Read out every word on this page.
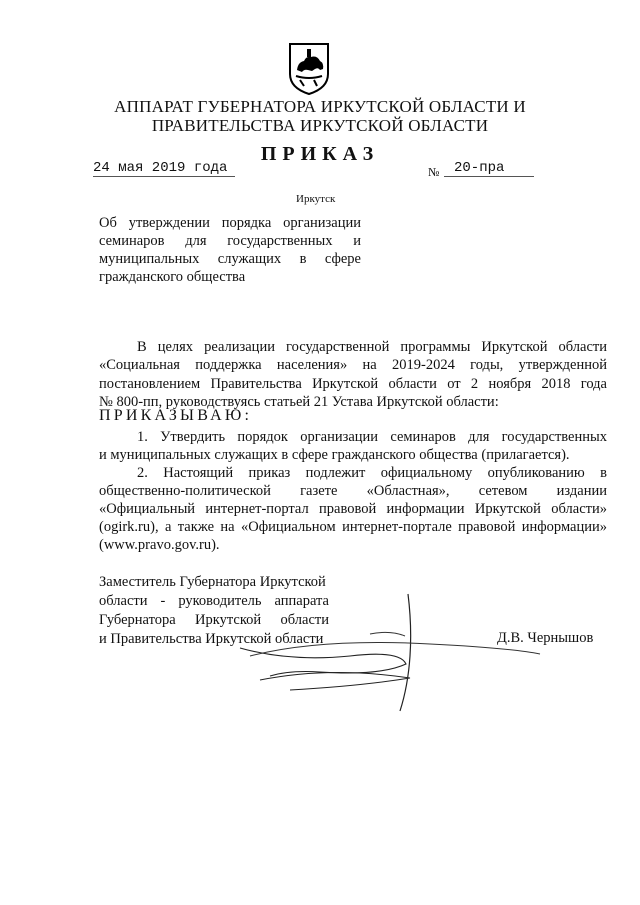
АППАРАТ ГУБЕРНАТОРА ИРКУТСКОЙ ОБЛАСТИ И
ПРАВИТЕЛЬСТВА ИРКУТСКОЙ ОБЛАСТИ
ПРИКАЗ
24 мая 2019 года	№	20-пра
Иркутск
Об утверждении порядка организации семинаров для государственных и муниципальных служащих в сфере гражданского общества
В целях реализации государственной программы Иркутской области
«Социальная поддержка населения» на 2019-2024 годы, утвержденной
постановлением Правительства Иркутской области от 2 ноября 2018 года
№ 800-пп, руководствуясь статьей 21 Устава Иркутской области:
ПРИКАЗЫВАЮ:
1. Утвердить порядок организации семинаров для государственных
и муниципальных служащих в сфере гражданского общества (прилагается).
2. Настоящий приказ подлежит официальному опубликованию в
общественно-политической газете «Областная», сетевом издании
«Официальный интернет-портал правовой информации Иркутской области»
(ogirk.ru), а также на «Официальном интернет-портале правовой информации»
(www.pravo.gov.ru).
Заместитель Губернатора Иркутской
области - руководитель аппарата
Губернатора Иркутской области
и Правительства Иркутской области	Д.В. Чернышов
